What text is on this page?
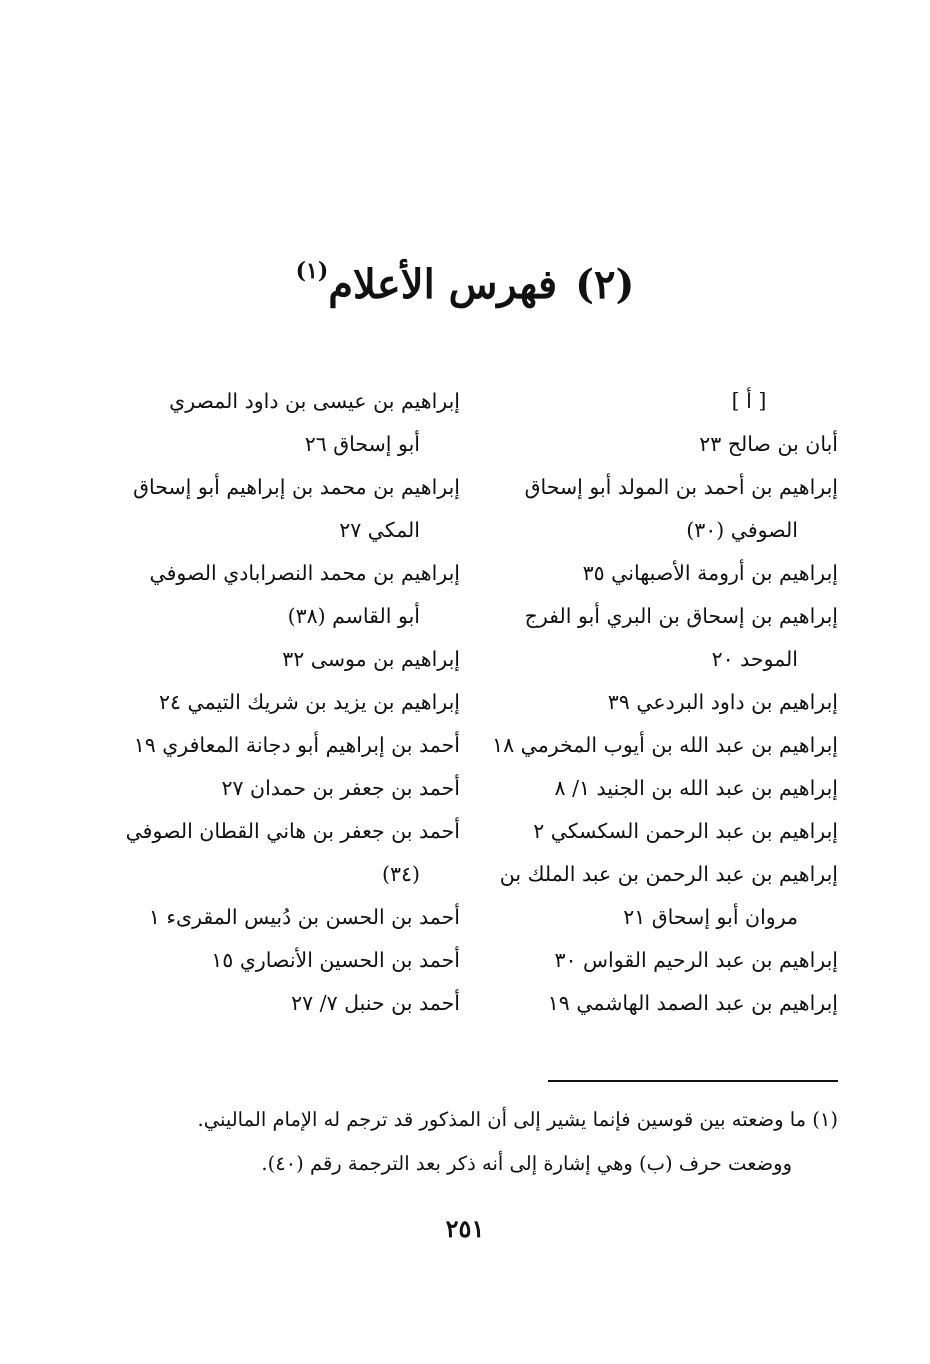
(٢)فهرس الأعلام$^{(١)}$
[ أ ]
أبان بن صالح ٢٣
إبراهيم بن أحمد بن المولد أبو إسحاق
الصوفي (٣٠)
إبراهيم بن أرومة الأصبهاني ٣٥
إبراهيم بن إسحاق بن البري أبو الفرج
الموحد ٢٠
إبراهيم بن داود البردعي ٣٩
إبراهيم بن عبد الله بن أيوب المخرمي ١٨
إبراهيم بن عبد الله بن الجنيد ١/ ٨
إبراهيم بن عبد الرحمن السكسكي ٢
إبراهيم بن عبد الرحمن بن عبد الملك بن
مروان أبو إسحاق ٢١
إبراهيم بن عبد الرحيم القواس ٣٠
إبراهيم بن عبد الصمد الهاشمي ١٩
إبراهيم بن عيسى بن داود المصري
أبو إسحاق ٢٦
إبراهيم بن محمد بن إبراهيم أبو إسحاق
المكي ٢٧
إبراهيم بن محمد النصرابادي الصوفي
أبو القاسم (٣٨)
إبراهيم بن موسى ٣٢
إبراهيم بن يزيد بن شريك التيمي ٢٤
أحمد بن إبراهيم أبو دجانة المعافري ١٩
أحمد بن جعفر بن حمدان ٢٧
أحمد بن جعفر بن هاني القطان الصوفي
(٣٤)
أحمد بن الحسن بن دُبيس المقرىء ١
أحمد بن الحسين الأنصاري ١٥
أحمد بن حنبل ٧/ ٢٧
(١) ما وضعته بين قوسين فإنما يشير إلى أن المذكور قد ترجم له الإمام الماليني.
ووضعت حرف (ب) وهي إشارة إلى أنه ذكر بعد الترجمة رقم (٤٠).
٢٥١
